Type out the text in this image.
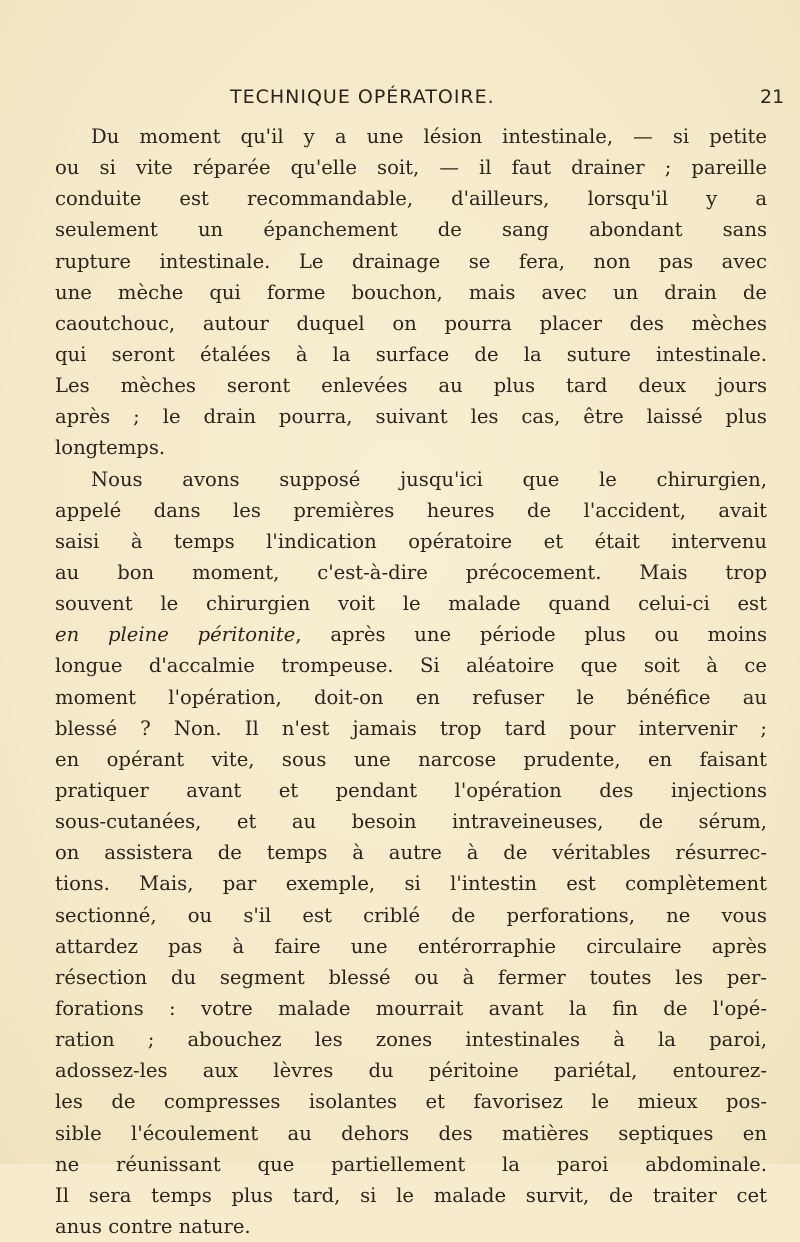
TECHNIQUE OPÉRATOIRE.	21
Du moment qu'il y a une lésion intestinale, — si petite
ou si vite réparée qu'elle soit, — il faut drainer ; pareille
conduite est recommandable, d'ailleurs, lorsqu'il y a
seulement un épanchement de sang abondant sans
rupture intestinale. Le drainage se fera, non pas avec
une mèche qui forme bouchon, mais avec un drain de
caoutchouc, autour duquel on pourra placer des mèches
qui seront étalées à la surface de la suture intestinale.
Les mèches seront enlevées au plus tard deux jours
après ; le drain pourra, suivant les cas, être laissé plus
longtemps.
Nous avons supposé jusqu'ici que le chirurgien,
appelé dans les premières heures de l'accident, avait
saisi à temps l'indication opératoire et était intervenu
au bon moment, c'est-à-dire précocement. Mais trop
souvent le chirurgien voit le malade quand celui-ci est
en pleine péritonite, après une période plus ou moins
longue d'accalmie trompeuse. Si aléatoire que soit à ce
moment l'opération, doit-on en refuser le bénéfice au
blessé ? Non. Il n'est jamais trop tard pour intervenir ;
en opérant vite, sous une narcose prudente, en faisant
pratiquer avant et pendant l'opération des injections
sous-cutanées, et au besoin intraveineuses, de sérum,
on assistera de temps à autre à de véritables résurrec-
tions. Mais, par exemple, si l'intestin est complètement
sectionné, ou s'il est criblé de perforations, ne vous
attardez pas à faire une entérorraphie circulaire après
résection du segment blessé ou à fermer toutes les per-
forations : votre malade mourrait avant la fin de l'opé-
ration ; abouchez les zones intestinales à la paroi,
adossez-les aux lèvres du péritoine pariétal, entourez-
les de compresses isolantes et favorisez le mieux pos-
sible l'écoulement au dehors des matières septiques en
ne réunissant que partiellement la paroi abdominale.
Il sera temps plus tard, si le malade survit, de traiter cet
anus contre nature.
